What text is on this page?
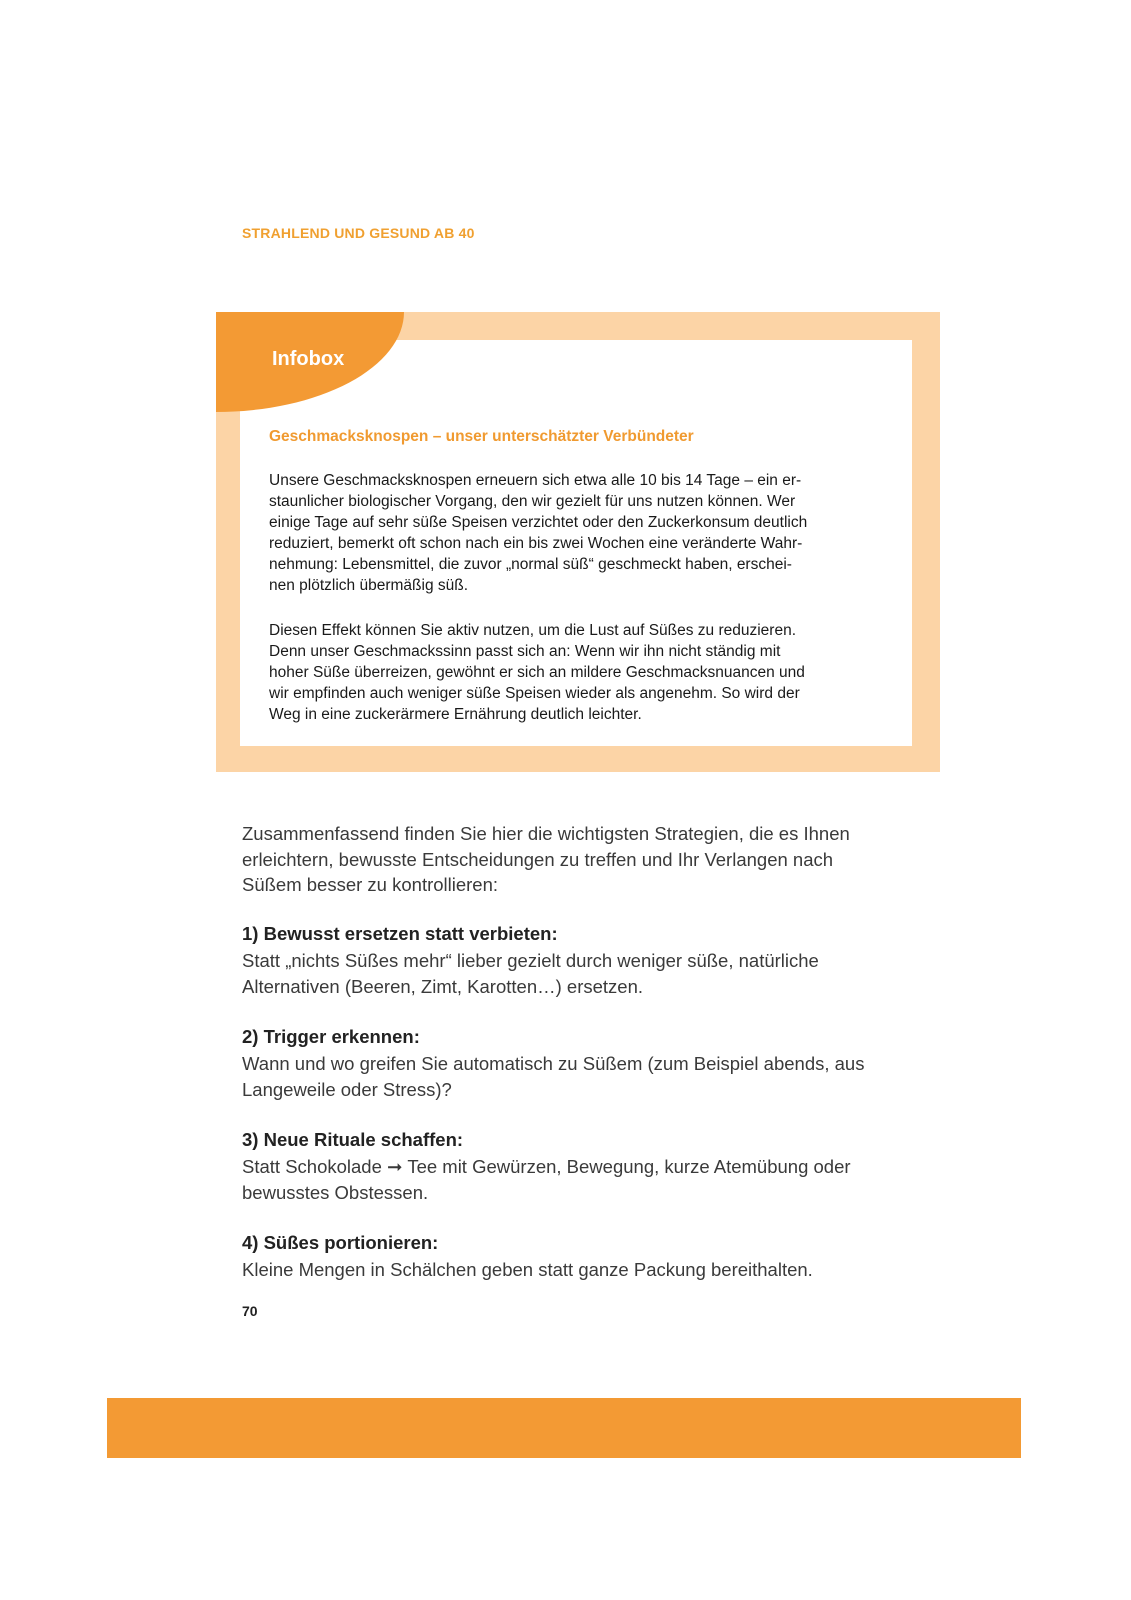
STRAHLEND UND GESUND AB 40
Infobox
Geschmacksknospen – unser unterschätzter Verbündeter
Unsere Geschmacksknospen erneuern sich etwa alle 10 bis 14 Tage – ein er-
staunlicher biologischer Vorgang, den wir gezielt für uns nutzen können. Wer
einige Tage auf sehr süße Speisen verzichtet oder den Zuckerkonsum deutlich
reduziert, bemerkt oft schon nach ein bis zwei Wochen eine veränderte Wahr-
nehmung: Lebensmittel, die zuvor „normal süß“ geschmeckt haben, erschei-
nen plötzlich übermäßig süß.
Diesen Effekt können Sie aktiv nutzen, um die Lust auf Süßes zu reduzieren.
Denn unser Geschmackssinn passt sich an: Wenn wir ihn nicht ständig mit
hoher Süße überreizen, gewöhnt er sich an mildere Geschmacksnuancen und
wir empfinden auch weniger süße Speisen wieder als angenehm. So wird der
Weg in eine zuckerärmere Ernährung deutlich leichter.
Zusammenfassend finden Sie hier die wichtigsten Strategien, die es Ihnen
erleichtern, bewusste Entscheidungen zu treffen und Ihr Verlangen nach
Süßem besser zu kontrollieren:
1) Bewusst ersetzen statt verbieten:
Statt „nichts Süßes mehr“ lieber gezielt durch weniger süße, natürliche
Alternativen (Beeren, Zimt, Karotten…) ersetzen.
2) Trigger erkennen:
Wann und wo greifen Sie automatisch zu Süßem (zum Beispiel abends, aus
Langeweile oder Stress)?
3) Neue Rituale schaffen:
Statt Schokolade ➞ Tee mit Gewürzen, Bewegung, kurze Atemübung oder
bewusstes Obstessen.
4) Süßes portionieren:
Kleine Mengen in Schälchen geben statt ganze Packung bereithalten.
70
